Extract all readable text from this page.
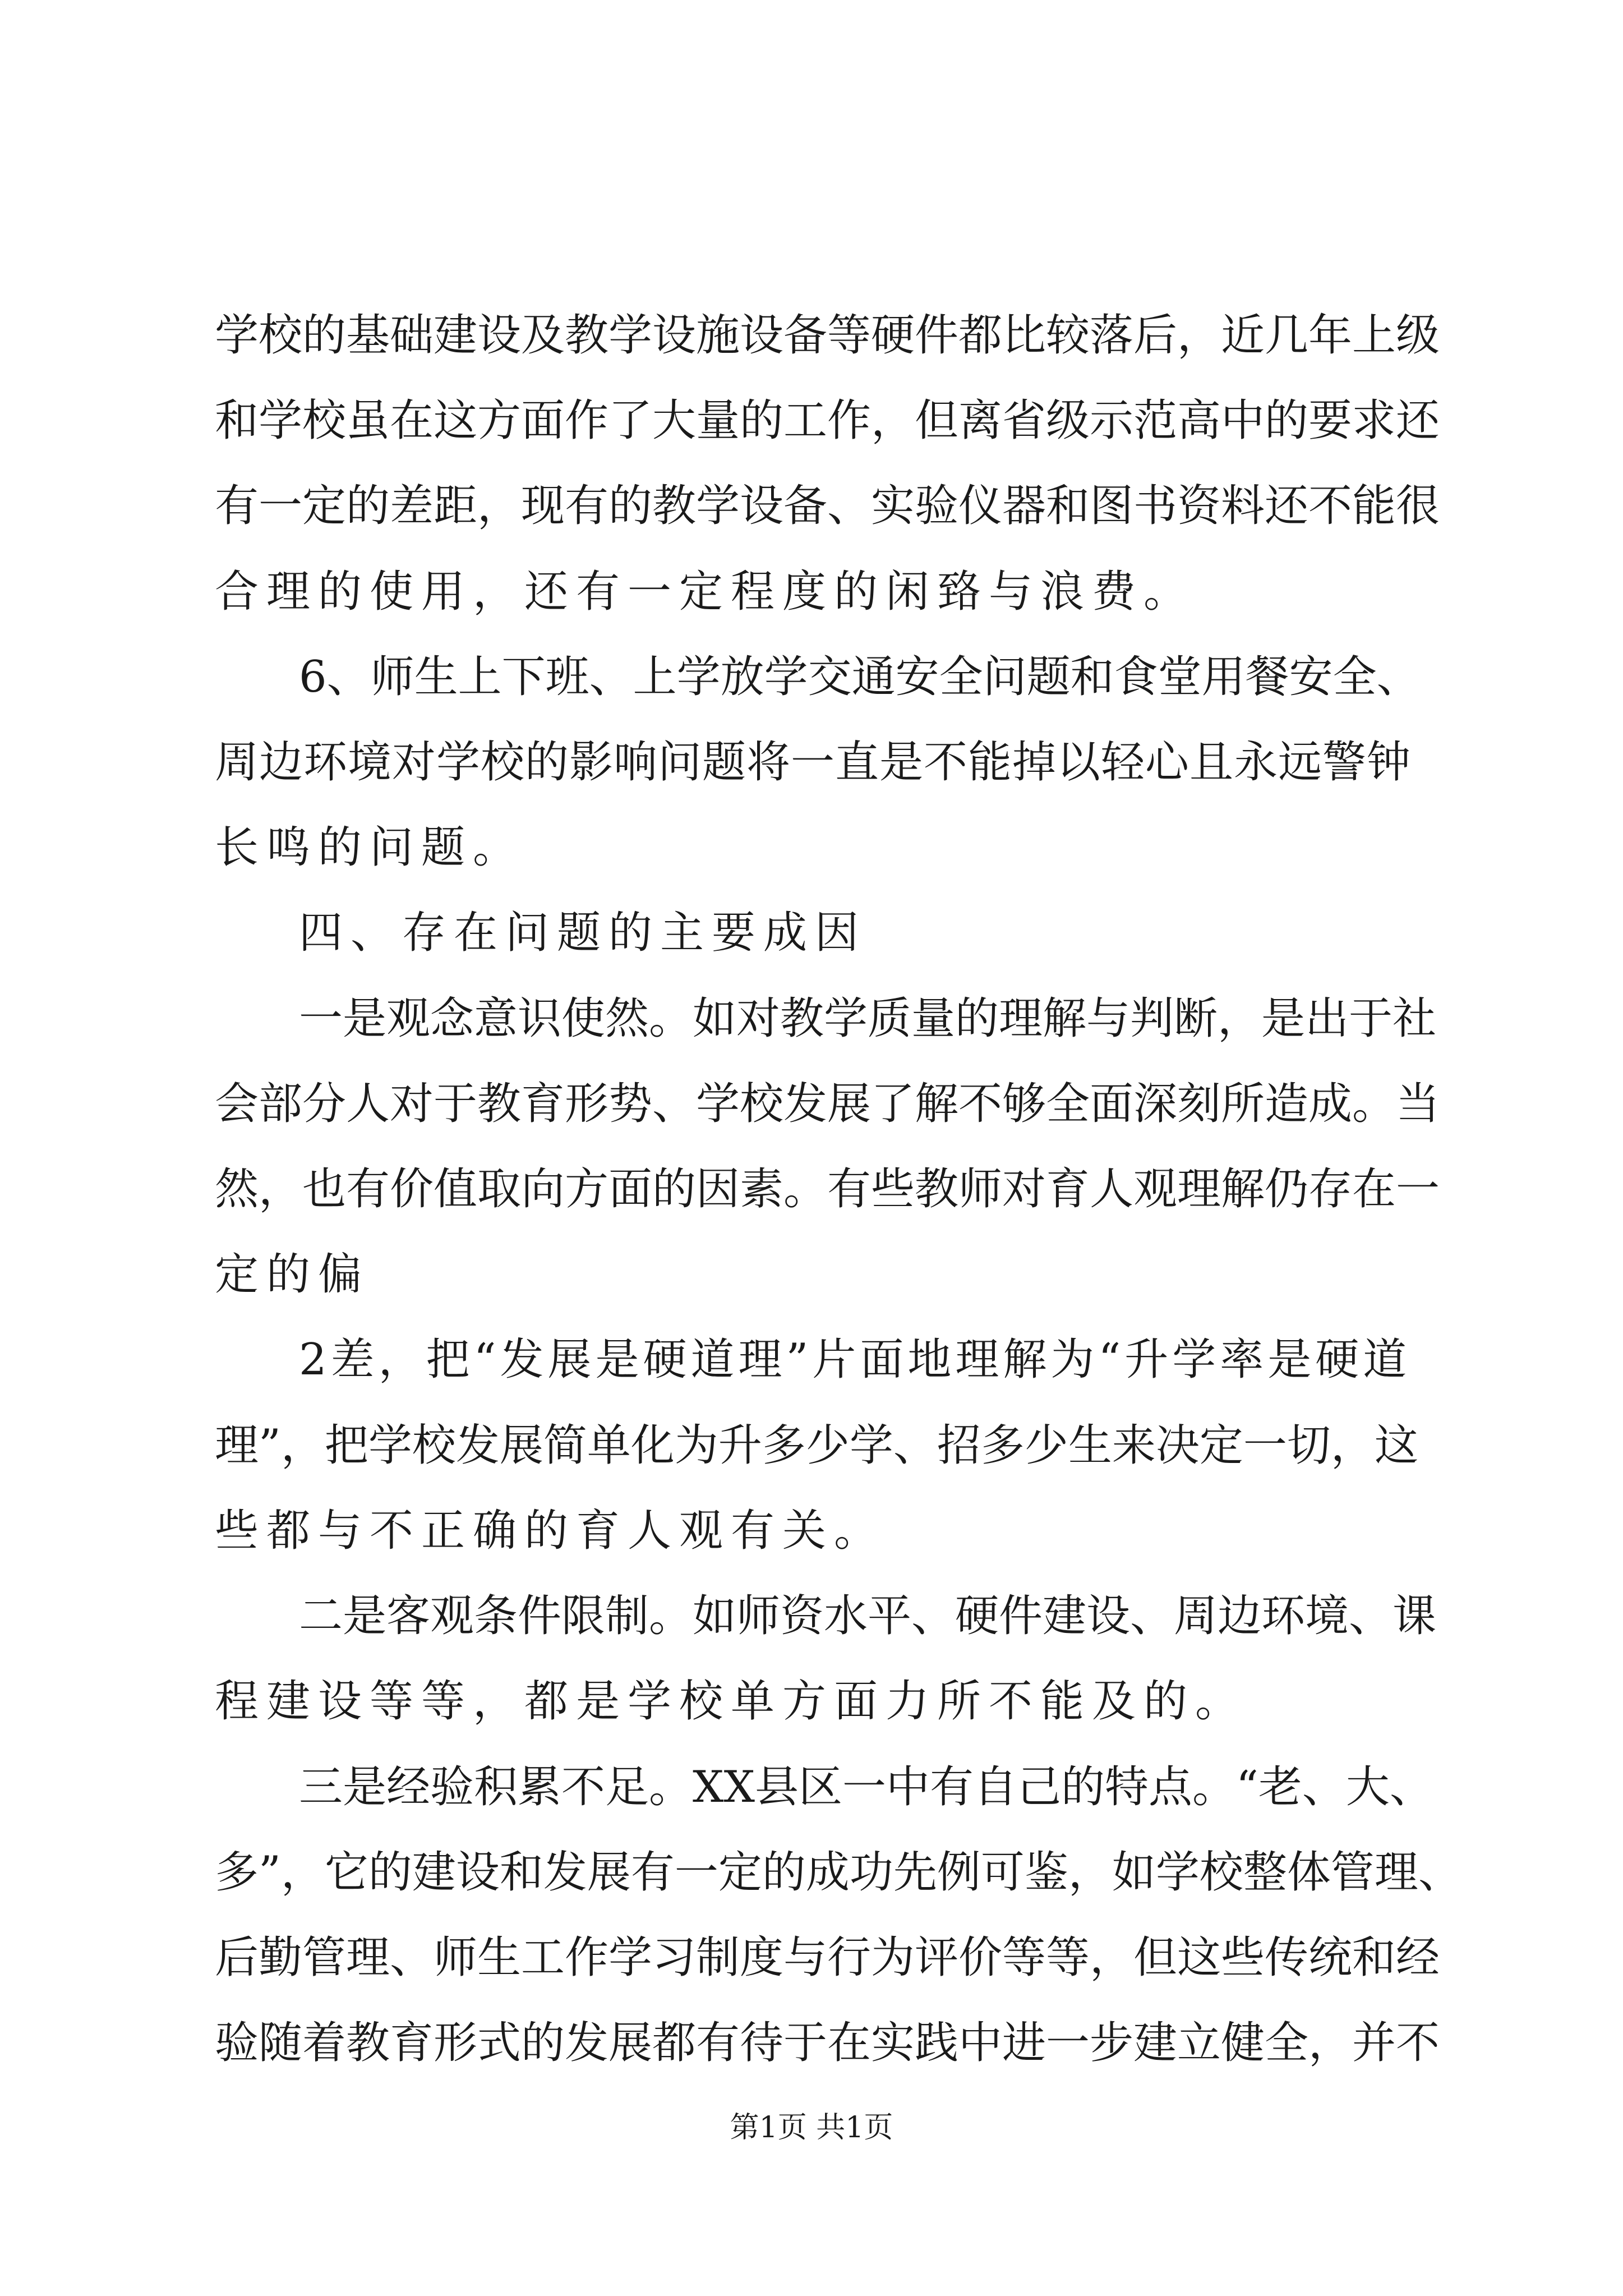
学校的基础建设及教学设施设备等硬件都比较落后，近几年上级
和学校虽在这方面作了大量的工作，但离省级示范高中的要求还
有一定的差距，现有的教学设备、实验仪器和图书资料还不能很
合理的使用，还有一定程度的闲臵与浪费。
6、师生上下班、上学放学交通安全问题和食堂用餐安全、
周边环境对学校的影响问题将一直是不能掉以轻心且永远警钟
长鸣的问题。
四、存在问题的主要成因
一是观念意识使然。如对教学质量的理解与判断，是出于社
会部分人对于教育形势、学校发展了解不够全面深刻所造成。当
然，也有价值取向方面的因素。有些教师对育人观理解仍存在一
定的偏
2差，把“发展是硬道理”片面地理解为“升学率是硬道
理”，把学校发展简单化为升多少学、招多少生来决定一切，这
些都与不正确的育人观有关。
二是客观条件限制。如师资水平、硬件建设、周边环境、课
程建设等等，都是学校单方面力所不能及的。
三是经验积累不足。XX县区一中有自己的特点。“老、大、
多”，它的建设和发展有一定的成功先例可鉴，如学校整体管理、
后勤管理、师生工作学习制度与行为评价等等，但这些传统和经
验随着教育形式的发展都有待于在实践中进一步建立健全，并不
第1页 共1页
